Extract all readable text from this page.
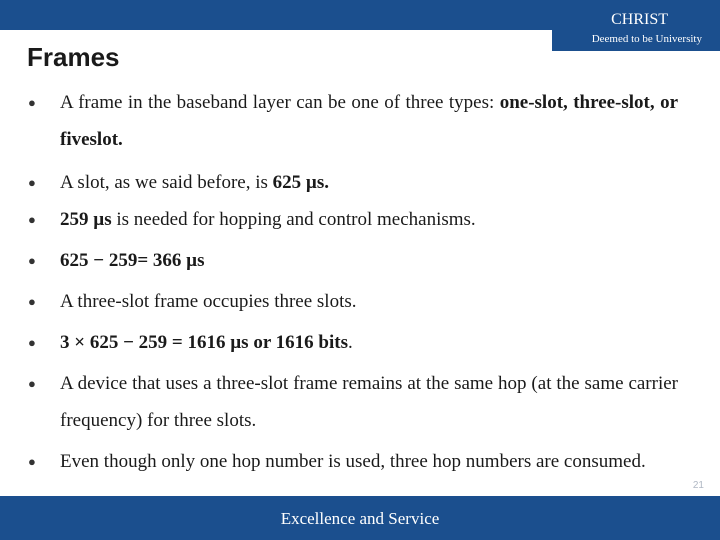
CHRIST
Deemed to be University
Frames
● A frame in the baseband layer can be one of three types: one-slot, three-slot, or fiveslot.
● A slot, as we said before, is 625 µs.
● 259 µs is needed for hopping and control mechanisms.
● 625 − 259= 366 µs
● A three-slot frame occupies three slots.
● 3 × 625 − 259 = 1616 µs or 1616 bits.
● A device that uses a three-slot frame remains at the same hop (at the same carrier frequency) for three slots.
● Even though only one hop number is used, three hop numbers are consumed.
Excellence and Service
21
